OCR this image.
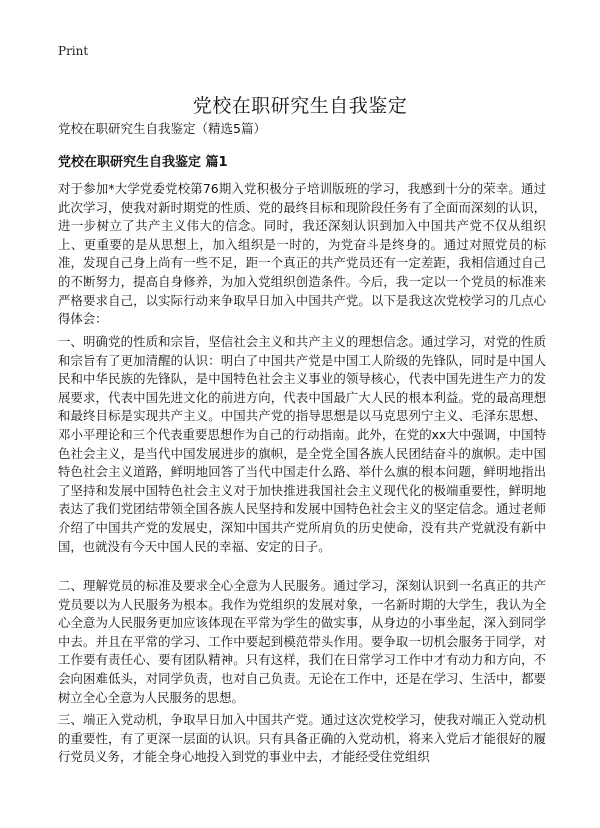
Print
党校在职研究生自我鉴定
党校在职研究生自我鉴定（精选5篇）
党校在职研究生自我鉴定 篇1

对于参加*大学党委党校第76期入党积极分子培训版班的学习，我感到十分的荣幸。通过此次学习，使我对新时期党的性质、党的最终目标和现阶段任务有了全面而深刻的认识，进一步树立了共产主义伟大的信念。同时，我还深刻认识到加入中国共产党不仅从组织上、更重要的是从思想上，加入组织是一时的，为党奋斗是终身的。通过对照党员的标准，发现自己身上尚有一些不足，距一个真正的共产党员还有一定差距，我相信通过自己的不断努力，提高自身修养，为加入党组织创造条件。今后，我一定以一个党员的标准来严格要求自己，以实际行动来争取早日加入中国共产党。以下是我这次党校学习的几点心得体会：

一、明确党的性质和宗旨，坚信社会主义和共产主义的理想信念。通过学习，对党的性质和宗旨有了更加清醒的认识：明白了中国共产党是中国工人阶级的先锋队，同时是中国人民和中华民族的先锋队，是中国特色社会主义事业的领导核心，代表中国先进生产力的发展要求，代表中国先进文化的前进方向，代表中国最广大人民的根本利益。党的最高理想和最终目标是实现共产主义。中国共产党的指导思想是以马克思列宁主义、毛泽东思想、邓小平理论和三个代表重要思想作为自己的行动指南。此外，在党的xx大中强调，中国特色社会主义，是当代中国发展进步的旗帜，是全党全国各族人民团结奋斗的旗帜。走中国特色社会主义道路，鲜明地回答了当代中国走什么路、举什么旗的根本问题，鲜明地指出了坚持和发展中国特色社会主义对于加快推进我国社会主义现代化的极端重要性，鲜明地表达了我们党团结带领全国各族人民坚持和发展中国特色社会主义的坚定信念。通过老师介绍了中国共产党的发展史，深知中国共产党所肩负的历史使命，没有共产党就没有新中国，也就没有今天中国人民的幸福、安定的日子。

二、理解党员的标准及要求全心全意为人民服务。通过学习，深刻认识到一名真正的共产党员要以为人民服务为根本。我作为党组织的发展对象，一名新时期的大学生，我认为全心全意为人民服务更加应该体现在平常为学生的做实事，从身边的小事坐起，深入到同学中去。并且在平常的学习、工作中要起到模范带头作用。要争取一切机会服务于同学，对工作要有责任心、要有团队精神。只有这样，我们在日常学习工作中才有动力和方向，不会向困难低头，对同学负责，也对自己负责。无论在工作中，还是在学习、生活中，都要树立全心全意为人民服务的思想。

三、端正入党动机，争取早日加入中国共产党。通过这次党校学习，使我对端正入党动机的重要性，有了更深一层面的认识。只有具备正确的入党动机，将来入党后才能很好的履行党员义务，才能全身心地投入到党的事业中去，才能经受住党组织
